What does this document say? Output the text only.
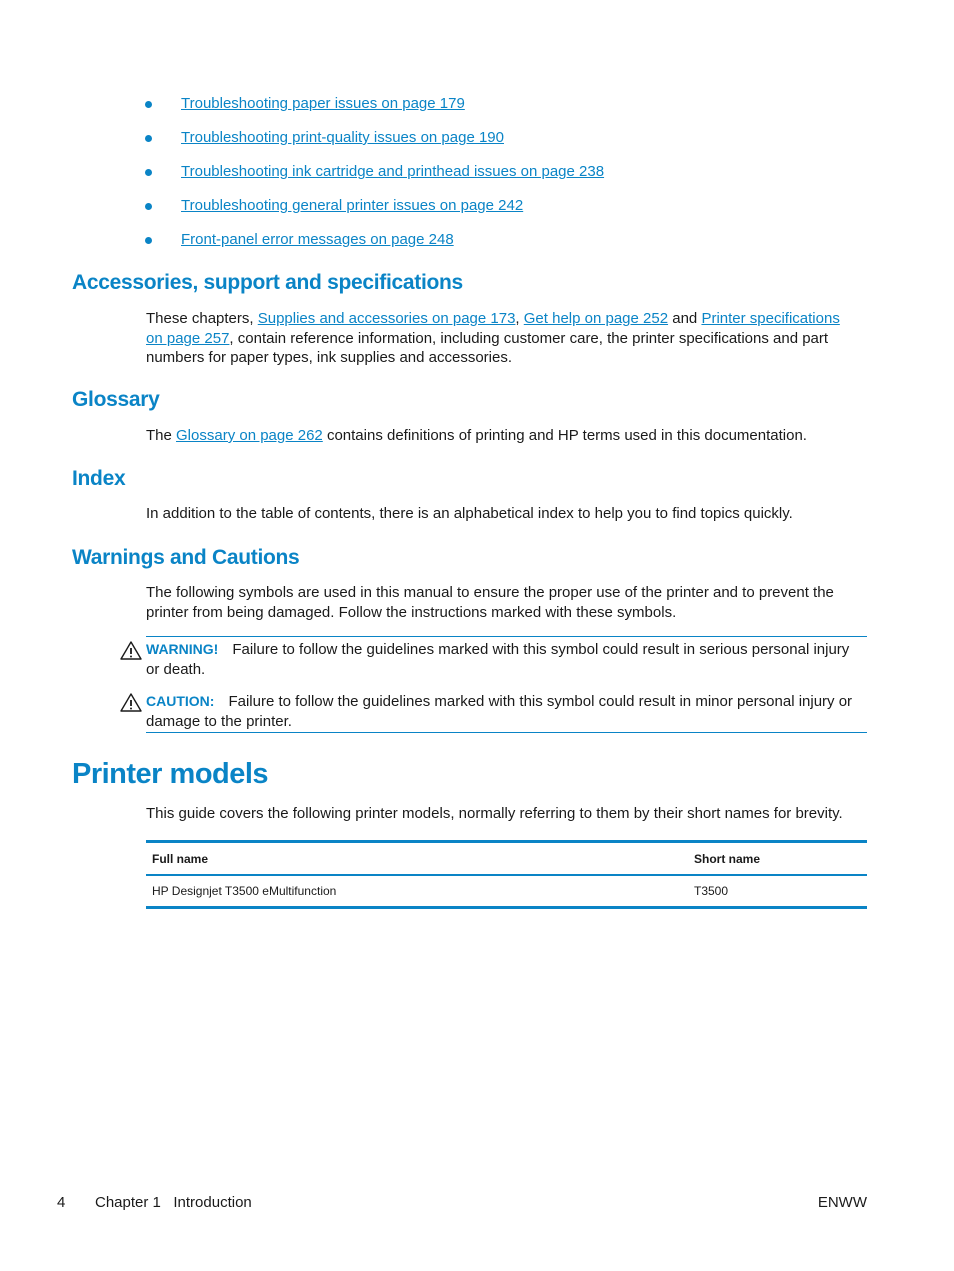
Troubleshooting paper issues on page 179
Troubleshooting print-quality issues on page 190
Troubleshooting ink cartridge and printhead issues on page 238
Troubleshooting general printer issues on page 242
Front-panel error messages on page 248
Accessories, support and specifications

These chapters, Supplies and accessories on page 173, Get help on page 252 and Printer specifications on page 257, contain reference information, including customer care, the printer specifications and part numbers for paper types, ink supplies and accessories.

Glossary

The Glossary on page 262 contains definitions of printing and HP terms used in this documentation.

Index

In addition to the table of contents, there is an alphabetical index to help you to find topics quickly.

Warnings and Cautions

The following symbols are used in this manual to ensure the proper use of the printer and to prevent the printer from being damaged. Follow the instructions marked with these symbols.

WARNING! Failure to follow the guidelines marked with this symbol could result in serious personal injury or death.
CAUTION: Failure to follow the guidelines marked with this symbol could result in minor personal injury or damage to the printer.
Printer models

This guide covers the following printer models, normally referring to them by their short names for brevity.

Full name	Short name
HP Designjet T3500 eMultifunction	T3500
4 Chapter 1   Introduction	ENWW
